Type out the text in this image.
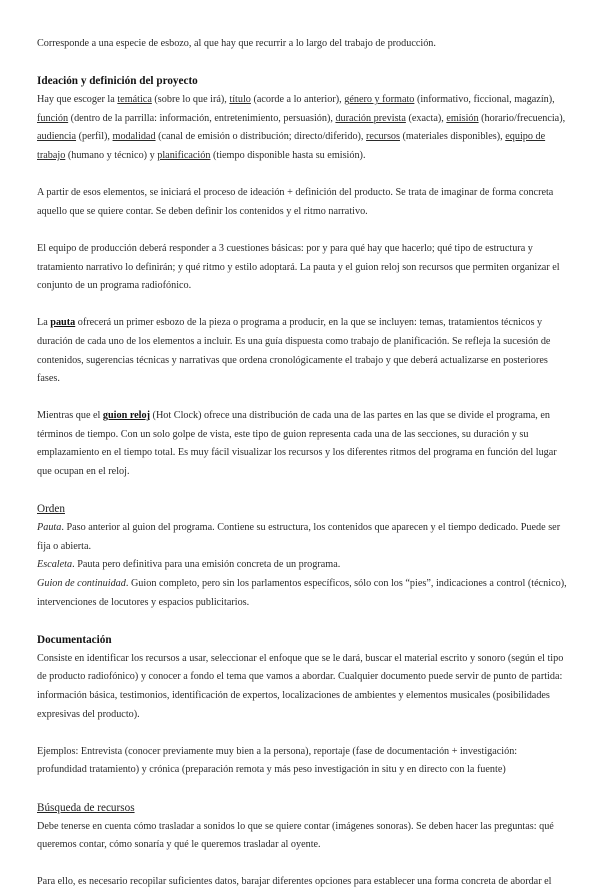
Corresponde a una especie de esbozo, al que hay que recurrir a lo largo del trabajo de producción.

Ideación y definición del proyecto

Hay que escoger la temática (sobre lo que irá), título (acorde a lo anterior), género y formato (informativo, ficcional, magazín), función (dentro de la parrilla: información, entretenimiento, persuasión), duración prevista (exacta), emisión (horario/frecuencia), audiencia (perfil), modalidad (canal de emisión o distribución; directo/diferido), recursos (materiales disponibles), equipo de trabajo (humano y técnico) y planificación (tiempo disponible hasta su emisión).

A partir de esos elementos, se iniciará el proceso de ideación + definición del producto. Se trata de imaginar de forma concreta aquello que se quiere contar. Se deben definir los contenidos y el ritmo narrativo.

El equipo de producción deberá responder a 3 cuestiones básicas: por y para qué hay que hacerlo; qué tipo de estructura y tratamiento narrativo lo definirán; y qué ritmo y estilo adoptará. La pauta y el guion reloj son recursos que permiten organizar el conjunto de un programa radiofónico.

La pauta ofrecerá un primer esbozo de la pieza o programa a producir, en la que se incluyen: temas, tratamientos técnicos y duración de cada uno de los elementos a incluir. Es una guía dispuesta como trabajo de planificación. Se refleja la sucesión de contenidos, sugerencias técnicas y narrativas que ordena cronológicamente el trabajo y que deberá actualizarse en posteriores fases.

Mientras que el guion reloj (Hot Clock) ofrece una distribución de cada una de las partes en las que se divide el programa, en términos de tiempo. Con un solo golpe de vista, este tipo de guion representa cada una de las secciones, su duración y su emplazamiento en el tiempo total. Es muy fácil visualizar los recursos y los diferentes ritmos del programa en función del lugar que ocupan en el reloj.

Orden

Pauta. Paso anterior al guion del programa. Contiene su estructura, los contenidos que aparecen y el tiempo dedicado. Puede ser fija o abierta.

Escaleta. Pauta pero definitiva para una emisión concreta de un programa.

Guion de continuidad. Guion completo, pero sin los parlamentos específicos, sólo con los “pies”, indicaciones a control (técnico), intervenciones de locutores y espacios publicitarios.

Documentación

Consiste en identificar los recursos a usar, seleccionar el enfoque que se le dará, buscar el material escrito y sonoro (según el tipo de producto radiofónico) y conocer a fondo el tema que vamos a abordar. Cualquier documento puede servir de punto de partida: información básica, testimonios, identificación de expertos, localizaciones de ambientes y elementos musicales (posibilidades expresivas del producto).

Ejemplos: Entrevista (conocer previamente muy bien a la persona), reportaje (fase de documentación + investigación: profundidad tratamiento) y crónica (preparación remota y más peso investigación in situ y en directo con la fuente)

Búsqueda de recursos

Debe tenerse en cuenta cómo trasladar a sonidos lo que se quiere contar (imágenes sonoras). Se deben hacer las preguntas: qué queremos contar, cómo sonaría y qué le queremos trasladar al oyente.

Para ello, es necesario recopilar suficientes datos, barajar diferentes opciones para establecer una forma concreta de abordar el
